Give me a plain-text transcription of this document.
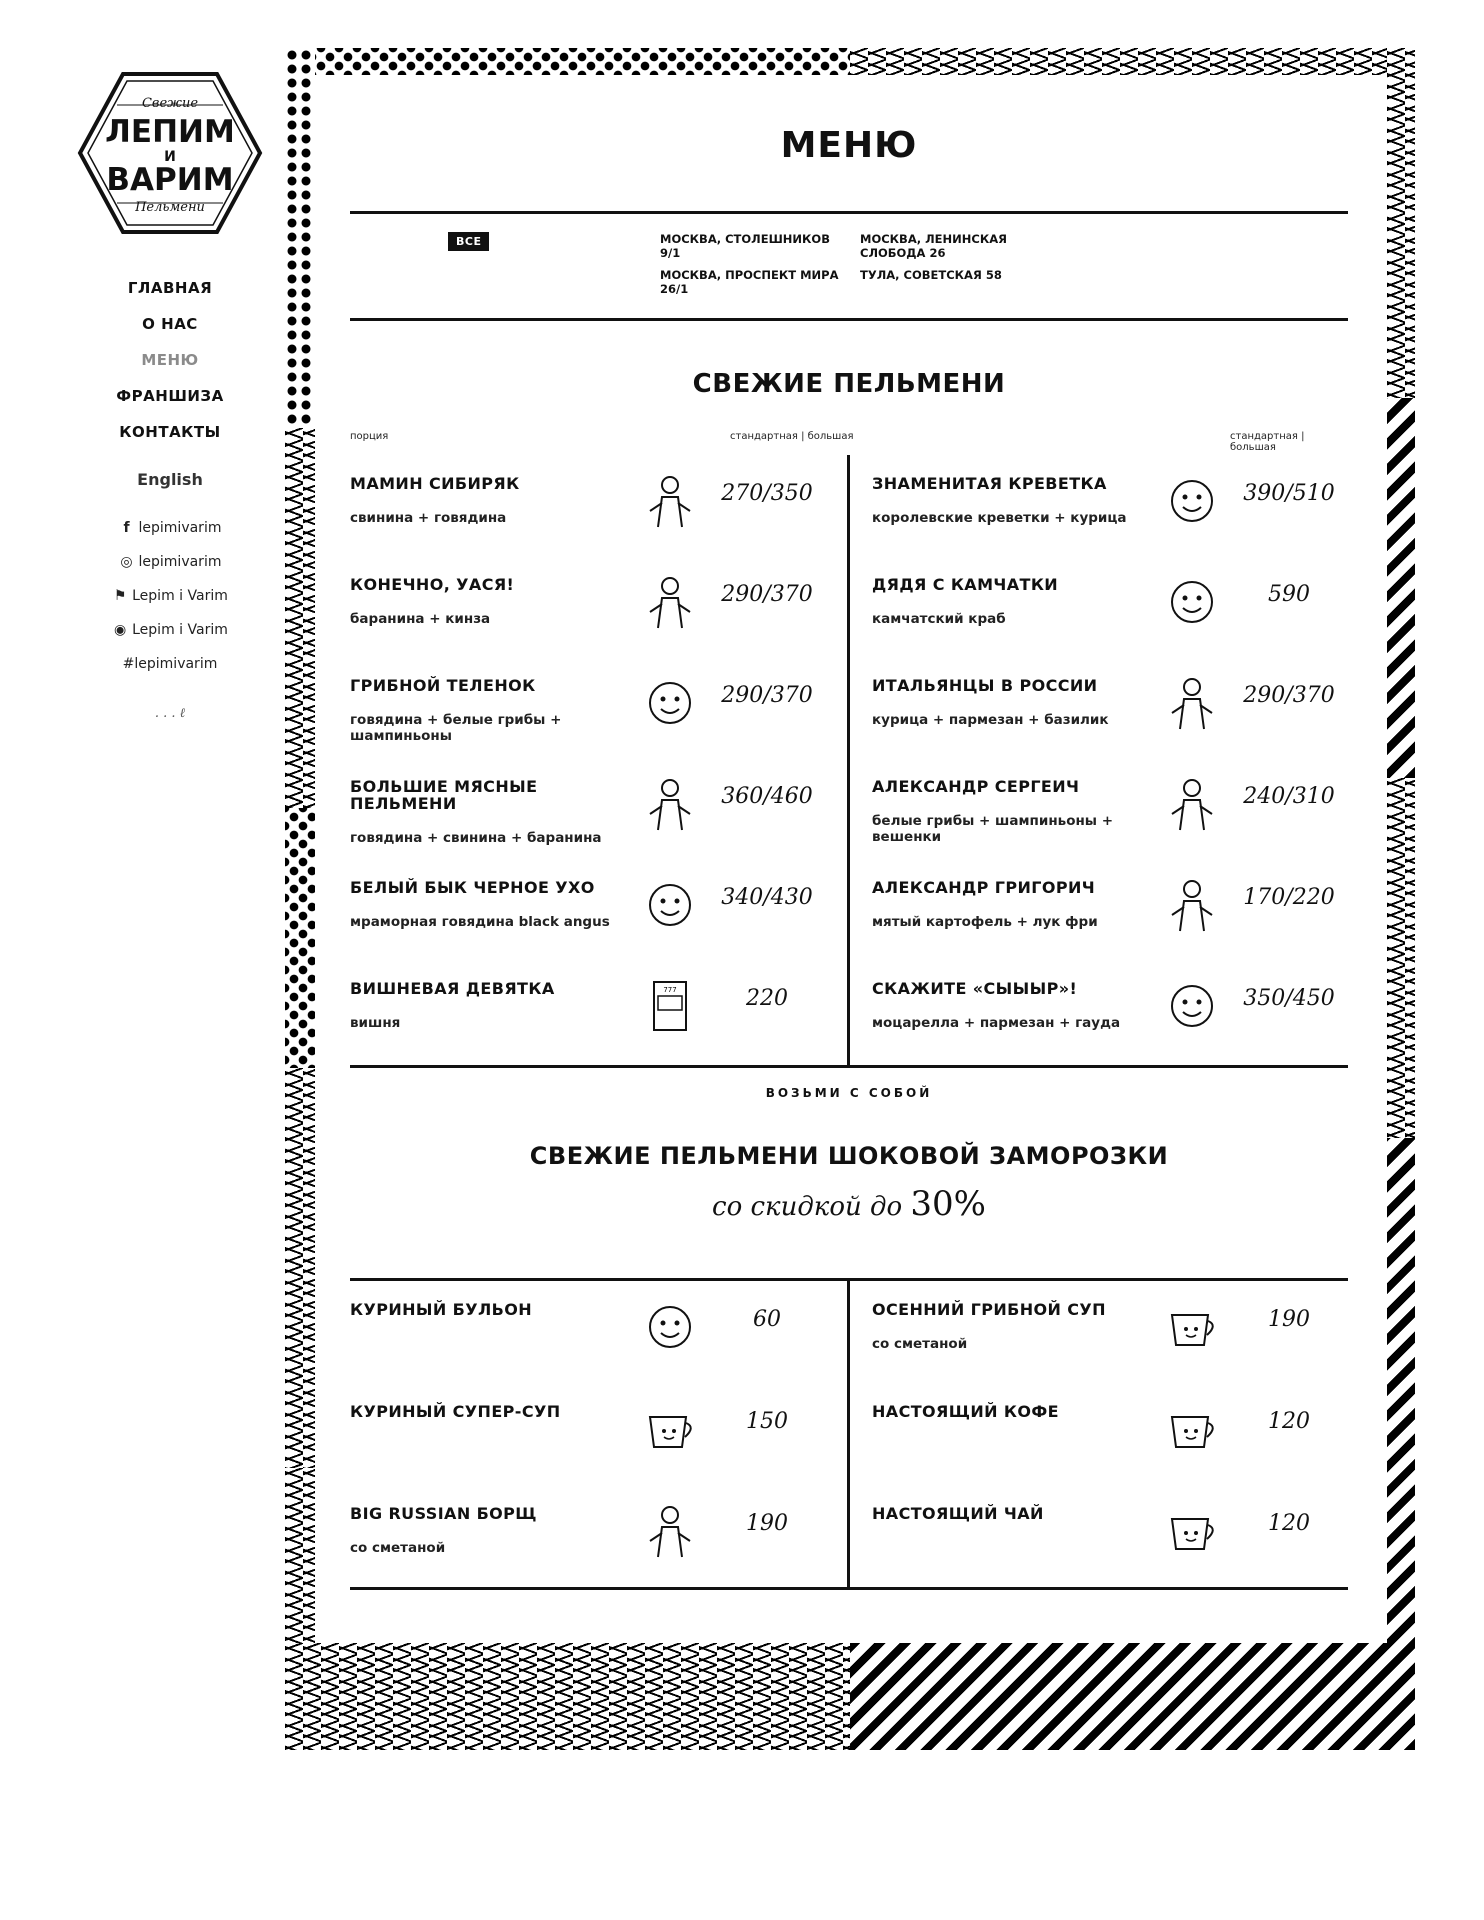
Свежие
ЛЕПИМ
И
ВАРИМ
Пельмени
ГЛАВНАЯ
О НАС
МЕНЮ
ФРАНШИЗА
КОНТАКТЫ
English
f lepimivarim
◎ lepimivarim
⚑ Lepim i Varim
◉ Lepim i Varim
#lepimivarim
. . . ℓ
МЕНЮ
ВСЕ	МОСКВА, СТОЛЕШНИКОВ 9/1
МОСКВА, ПРОСПЕКТ МИРА 26/1
МОСКВА, ЛЕНИНСКАЯ СЛОБОДА 26
ТУЛА, СОВЕТСКАЯ 58
СВЕЖИЕ ПЕЛЬМЕНИ
порция	стандартная | большая	стандартная | большая
МАМИН СИБИРЯК
свинина + говядина
270/350
КОНЕЧНО, УАСЯ!
баранина + кинза
290/370
ГРИБНОЙ ТЕЛЕНОК
говядина + белые грибы + шампиньоны
290/370
БОЛЬШИЕ МЯСНЫЕ ПЕЛЬМЕНИ
говядина + свинина + баранина
360/460
БЕЛЫЙ БЫК ЧЕРНОЕ УХО
мраморная говядина black angus
340/430
ВИШНЕВАЯ ДЕВЯТКА
вишня
777	220
ЗНАМЕНИТАЯ КРЕВЕТКА
королевские креветки + курица
390/510
ДЯДЯ С КАМЧАТКИ
камчатский краб
590
ИТАЛЬЯНЦЫ В РОССИИ
курица + пармезан + базилик
290/370
АЛЕКСАНДР СЕРГЕИЧ
белые грибы + шампиньоны + вешенки
240/310
АЛЕКСАНДР ГРИГОРИЧ
мятый картофель + лук фри
170/220
СКАЖИТЕ «СЫЫЫР»!
моцарелла + пармезан + гауда
350/450
ВОЗЬМИ С СОБОЙ
СВЕЖИЕ ПЕЛЬМЕНИ ШОКОВОЙ ЗАМОРОЗКИ
со скидкой до 30%
КУРИНЫЙ БУЛЬОН	60
КУРИНЫЙ СУПЕР-СУП	150
BIG RUSSIAN БОРЩ
со сметаной
190
ОСЕННИЙ ГРИБНОЙ СУП
со сметаной
190
НАСТОЯЩИЙ КОФЕ	120
НАСТОЯЩИЙ ЧАЙ	120
